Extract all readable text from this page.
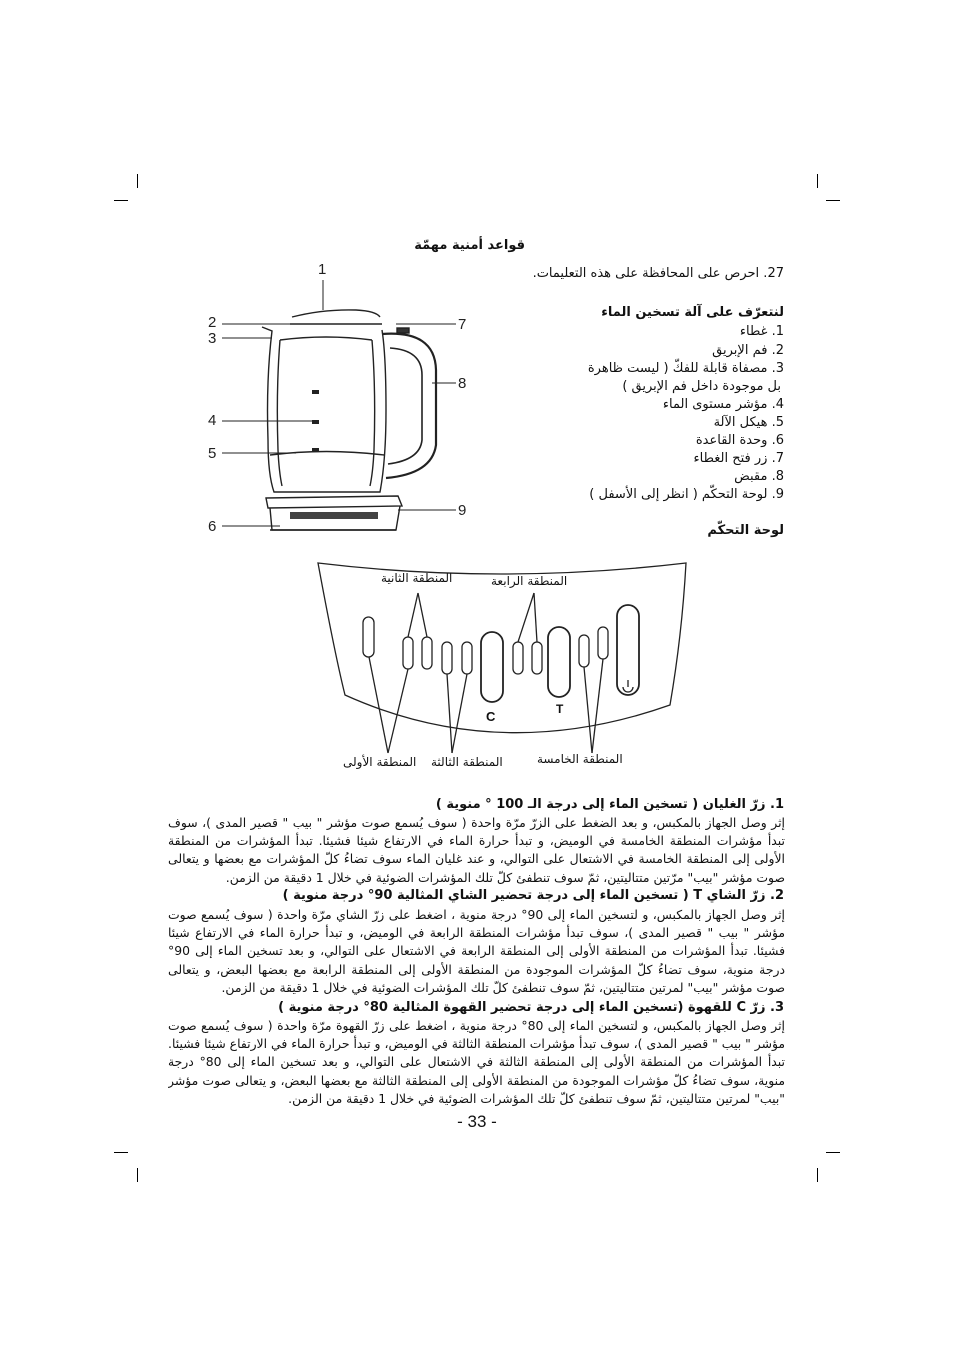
قواعد أمنية مهمّة
27. احرص على المحافظة على هذه التعليمات.
لنتعرّف على آلة تسخين الماء
1. غطاء
2. فم الإبريق
3. مصفاة قابلة للفكّ ( ليست ظاهرة
بل موجودة داخل فم الإبريق )
4. مؤشر مستوى الماء
5. هيكل الآلة
6. وحدة القاعدة
7. زر فتح الغطاء
8. مقبض
9. لوحة التحكّم ( انظر إلى الأسفل )
1
2
3
4
5
6
7
8
9
لوحة التحكّم
المنطقة الثانية	المنطقة الرابعة
C	T
المنطقة الأولى المنطقة الثالثة	المنطقة الخامسة
1. زرّ الغليان ( تسخين الماء إلى درجة الـ 100 ° منوية )
إثر وصل الجهاز بالمكبس، و بعد الضغط على الزرّ مرّة واحدة ( سوف يُسمع صوت مؤشر " بيب " قصير المدى )، سوف تبدأ مؤشرات المنطقة الخامسة في الوميض، و تبدأ حرارة الماء في الارتفاع شيئا فشيئا. تبدأ المؤشرات من المنطقة الأولى إلى المنطقة الخامسة في الاشتعال على التوالي، و عند غليان الماء سوف تضاءُ كلّ المؤشرات مع بعضها و يتعالى صوت مؤشر "بيب" مرّتين متتاليتين، ثمّ سوف تنطفئ كلّ تلك المؤشرات الضوئية في خلال 1 دقيقة من الزمن.
2. زرّ الشاي T ( تسخين الماء إلى درجة تحضير الشاي المثالية 90° درجة منوية )
إثر وصل الجهاز بالمكبس، و لتسخين الماء إلى 90° درجة منوية ، اضغط على زرّ الشاي مرّة واحدة ( سوف يُسمع صوت مؤشر " بيب " قصير المدى )، سوف تبدأ مؤشرات المنطقة الرابعة في الوميض، و تبدأ حرارة الماء في الارتفاع شيئا فشيئا. تبدأ المؤشرات من المنطقة الأولى إلى المنطقة الرابعة في الاشتعال على التوالي، و بعد تسخين الماء إلى 90° درجة منوية، سوف تضاءُ كلّ المؤشرات الموجودة من المنطقة الأولى إلى المنطقة الرابعة مع بعضها البعض، و يتعالى صوت مؤشر "بيب" لمرتين متتاليتين، ثمّ سوف تنطفئ كلّ تلك المؤشرات الضوئية في خلال 1 دقيقة من الزمن.
3. زرّ C للقهوة (تسخين الماء إلى درجة تحضير القهوة المثالية 80° درجة منوية )
إثر وصل الجهاز بالمكبس، و لتسخين الماء إلى 80° درجة منوية ، اضغط على زرّ القهوة مرّة واحدة ( سوف يُسمع صوت مؤشر " بيب " قصير المدى )، سوف تبدأ مؤشرات المنطقة الثالثة في الوميض، و تبدأ حرارة الماء في الارتفاع شيئا فشيئا. تبدأ المؤشرات من المنطقة الأولى إلى المنطقة الثالثة في الاشتعال على التوالي، و بعد تسخين الماء إلى 80° درجة منوية، سوف تضاءُ كلّ مؤشرات الموجودة من المنطقة الأولى إلى المنطقة الثالثة مع بعضها البعض، و يتعالى صوت مؤشر "بيب" لمرتين متتاليتين، ثمّ سوف تنطفئ كلّ تلك المؤشرات الضوئية في خلال 1 دقيقة من الزمن.
- 33 -
